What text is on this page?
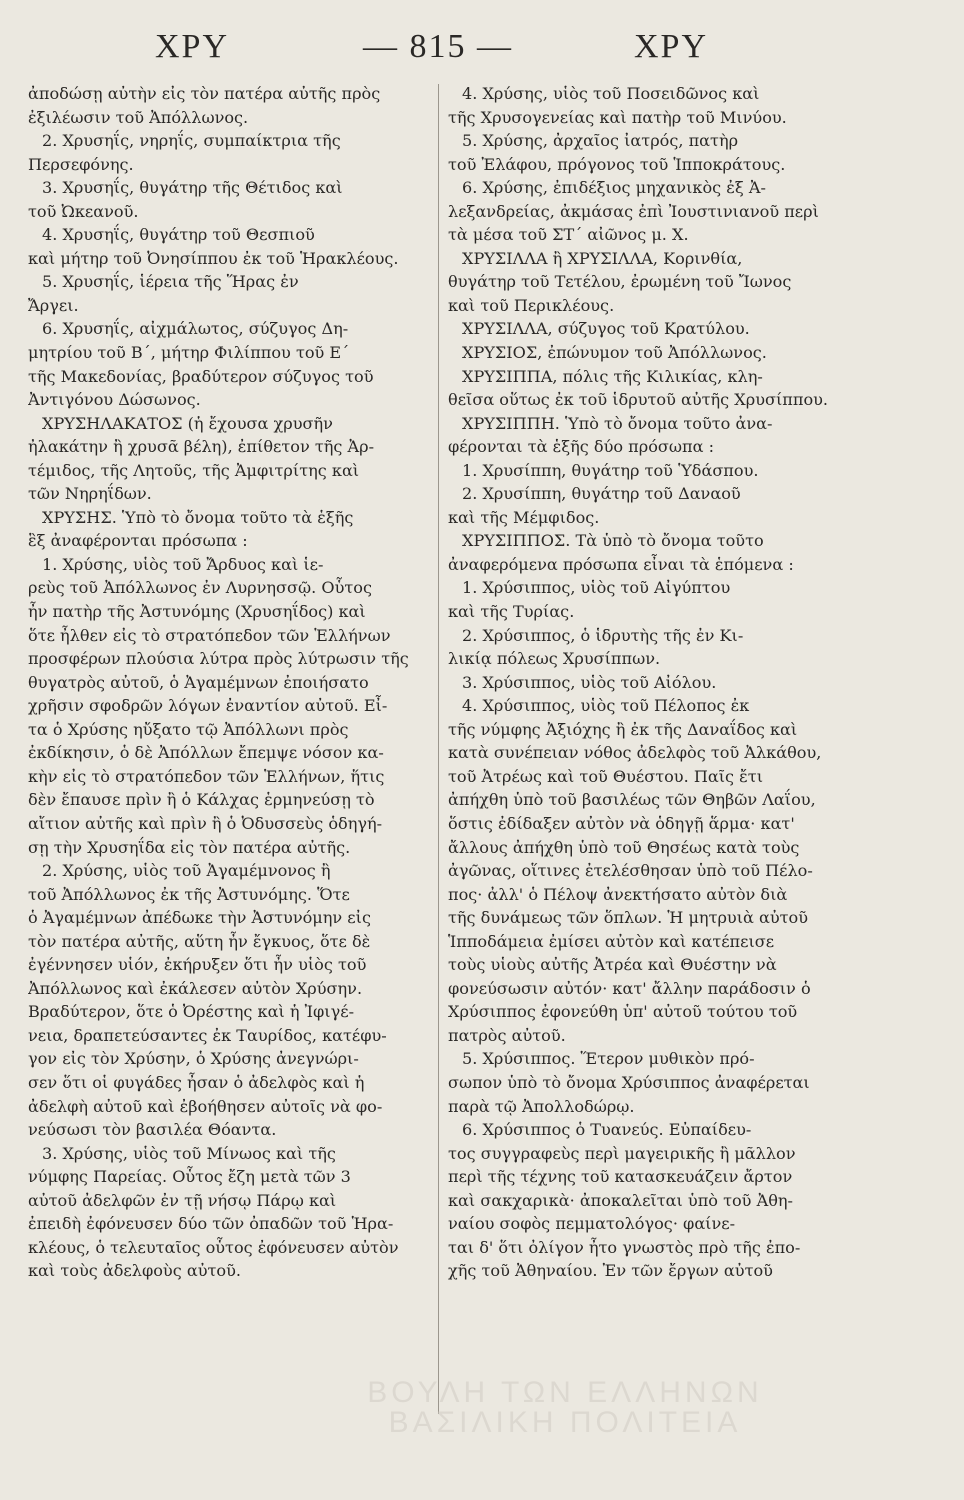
ΧΡΥ	— 815 —	ΧΡΥ
ἀποδώσῃ αὐτὴν εἰς τὸν πατέρα αὐτῆς πρὸς
ἐξιλέωσιν τοῦ Ἀπόλλωνος.
2. Χρυσηΐς, νηρηΐς, συμπαίκτρια τῆς
Περσεφόνης.
3. Χρυσηΐς, θυγάτηρ τῆς Θέτιδος καὶ
τοῦ Ὠκεανοῦ.
4. Χρυσηΐς, θυγάτηρ τοῦ Θεσπιοῦ
καὶ μήτηρ τοῦ Ὀνησίππου ἐκ τοῦ Ἡρακλέους.
5. Χρυσηΐς, ἱέρεια τῆς Ἥρας ἐν
Ἄργει.
6. Χρυσηΐς, αἰχμάλωτος, σύζυγος Δη-
μητρίου τοῦ Β΄, μήτηρ Φιλίππου τοῦ Ε΄
τῆς Μακεδονίας, βραδύτερον σύζυγος τοῦ
Ἀντιγόνου Δώσωνος.
ΧΡΥΣΗΛΑΚΑΤΟΣ (ἡ ἔχουσα χρυσῆν
ἠλακάτην ἢ χρυσᾶ βέλη), ἐπίθετον τῆς Ἀρ-
τέμιδος, τῆς Λητοῦς, τῆς Ἀμφιτρίτης καὶ
τῶν Νηρηΐδων.
ΧΡΥΣΗΣ. Ὑπὸ τὸ ὄνομα τοῦτο τὰ ἑξῆς
ἓξ ἀναφέρονται πρόσωπα :
1. Χρύσης, υἱὸς τοῦ Ἄρδυος καὶ ἱε-
ρεὺς τοῦ Ἀπόλλωνος ἐν Λυρνησσῷ. Οὗτος
ἦν πατὴρ τῆς Ἀστυνόμης (Χρυσηΐδος) καὶ
ὅτε ἦλθεν εἰς τὸ στρατόπεδον τῶν Ἑλλήνων
προσφέρων πλούσια λύτρα πρὸς λύτρωσιν τῆς
θυγατρὸς αὐτοῦ, ὁ Ἀγαμέμνων ἐποιήσατο
χρῆσιν σφοδρῶν λόγων ἐναντίον αὐτοῦ. Εἶ-
τα ὁ Χρύσης ηὔξατο τῷ Ἀπόλλωνι πρὸς
ἐκδίκησιν, ὁ δὲ Ἀπόλλων ἔπεμψε νόσον κα-
κὴν εἰς τὸ στρατόπεδον τῶν Ἑλλήνων, ἥτις
δὲν ἔπαυσε πρὶν ἢ ὁ Κάλχας ἑρμηνεύσῃ τὸ
αἴτιον αὐτῆς καὶ πρὶν ἢ ὁ Ὀδυσσεὺς ὁδηγή-
σῃ τὴν Χρυσηΐδα εἰς τὸν πατέρα αὐτῆς.
2. Χρύσης, υἱὸς τοῦ Ἀγαμέμνονος ἢ
τοῦ Ἀπόλλωνος ἐκ τῆς Ἀστυνόμης. Ὅτε
ὁ Ἀγαμέμνων ἀπέδωκε τὴν Ἀστυνόμην εἰς
τὸν πατέρα αὐτῆς, αὕτη ἦν ἔγκυος, ὅτε δὲ
ἐγέννησεν υἱόν, ἐκήρυξεν ὅτι ἦν υἱὸς τοῦ
Ἀπόλλωνος καὶ ἐκάλεσεν αὐτὸν Χρύσην.
Βραδύτερον, ὅτε ὁ Ὀρέστης καὶ ἡ Ἰφιγέ-
νεια, δραπετεύσαντες ἐκ Ταυρίδος, κατέφυ-
γον εἰς τὸν Χρύσην, ὁ Χρύσης ἀνεγνώρι-
σεν ὅτι οἱ φυγάδες ἦσαν ὁ ἀδελφὸς καὶ ἡ
ἀδελφὴ αὐτοῦ καὶ ἐβοήθησεν αὐτοῖς νὰ φο-
νεύσωσι τὸν βασιλέα Θόαντα.
3. Χρύσης, υἱὸς τοῦ Μίνωος καὶ τῆς
νύμφης Παρείας. Οὗτος ἔζη μετὰ τῶν 3
αὐτοῦ ἀδελφῶν ἐν τῇ νήσῳ Πάρῳ καὶ
ἐπειδὴ ἐφόνευσεν δύο τῶν ὀπαδῶν τοῦ Ἡρα-
κλέους, ὁ τελευταῖος οὗτος ἐφόνευσεν αὐτὸν
καὶ τοὺς ἀδελφοὺς αὐτοῦ.
4. Χρύσης, υἱὸς τοῦ Ποσειδῶνος καὶ
τῆς Χρυσογενείας καὶ πατὴρ τοῦ Μινύου.
5. Χρύσης, ἀρχαῖος ἰατρός, πατὴρ
τοῦ Ἐλάφου, πρόγονος τοῦ Ἱπποκράτους.
6. Χρύσης, ἐπιδέξιος μηχανικὸς ἐξ Ἀ-
λεξανδρείας, ἀκμάσας ἐπὶ Ἰουστινιανοῦ περὶ
τὰ μέσα τοῦ ΣΤ΄ αἰῶνος μ. Χ.
ΧΡΥΣΙΛΛΑ ἢ ΧΡΥΣΙΛΛΑ, Κορινθία,
θυγάτηρ τοῦ Τετέλου, ἐρωμένη τοῦ Ἴωνος
καὶ τοῦ Περικλέους.
ΧΡΥΣΙΛΛΑ, σύζυγος τοῦ Κρατύλου.
ΧΡΥΣΙΟΣ, ἐπώνυμον τοῦ Ἀπόλλωνος.
ΧΡΥΣΙΠΠΑ, πόλις τῆς Κιλικίας, κλη-
θεῖσα οὕτως ἐκ τοῦ ἱδρυτοῦ αὐτῆς Χρυσίππου.
ΧΡΥΣΙΠΠΗ. Ὑπὸ τὸ ὄνομα τοῦτο ἀνα-
φέρονται τὰ ἑξῆς δύο πρόσωπα :
1. Χρυσίππη, θυγάτηρ τοῦ Ὑδάσπου.
2. Χρυσίππη, θυγάτηρ τοῦ Δαναοῦ
καὶ τῆς Μέμφιδος.
ΧΡΥΣΙΠΠΟΣ. Τὰ ὑπὸ τὸ ὄνομα τοῦτο
ἀναφερόμενα πρόσωπα εἶναι τὰ ἑπόμενα :
1. Χρύσιππος, υἱὸς τοῦ Αἰγύπτου
καὶ τῆς Τυρίας.
2. Χρύσιππος, ὁ ἱδρυτὴς τῆς ἐν Κι-
λικίᾳ πόλεως Χρυσίππων.
3. Χρύσιππος, υἱὸς τοῦ Αἰόλου.
4. Χρύσιππος, υἱὸς τοῦ Πέλοπος ἐκ
τῆς νύμφης Ἀξιόχης ἢ ἐκ τῆς Δαναΐδος καὶ
κατὰ συνέπειαν νόθος ἀδελφὸς τοῦ Ἀλκάθου,
τοῦ Ἀτρέως καὶ τοῦ Θυέστου. Παῖς ἔτι
ἀπήχθη ὑπὸ τοῦ βασιλέως τῶν Θηβῶν Λαΐου,
ὅστις ἐδίδαξεν αὐτὸν νὰ ὁδηγῇ ἅρμα· κατ'
ἄλλους ἀπήχθη ὑπὸ τοῦ Θησέως κατὰ τοὺς
ἀγῶνας, οἵτινες ἐτελέσθησαν ὑπὸ τοῦ Πέλο-
πος· ἀλλ' ὁ Πέλοψ ἀνεκτήσατο αὐτὸν διὰ
τῆς δυνάμεως τῶν ὅπλων. Ἡ μητρυιὰ αὐτοῦ
Ἱπποδάμεια ἐμίσει αὐτὸν καὶ κατέπεισε
τοὺς υἱοὺς αὐτῆς Ἀτρέα καὶ Θυέστην νὰ
φονεύσωσιν αὐτόν· κατ' ἄλλην παράδοσιν ὁ
Χρύσιππος ἐφονεύθη ὑπ' αὐτοῦ τούτου τοῦ
πατρὸς αὐτοῦ.
5. Χρύσιππος. Ἕτερον μυθικὸν πρό-
σωπον ὑπὸ τὸ ὄνομα Χρύσιππος ἀναφέρεται
παρὰ τῷ Ἀπολλοδώρῳ.
6. Χρύσιππος ὁ Τυανεύς. Εὐπαίδευ-
τος συγγραφεὺς περὶ μαγειρικῆς ἢ μᾶλλον
περὶ τῆς τέχνης τοῦ κατασκευάζειν ἄρτον
καὶ σακχαρικὰ· ἀποκαλεῖται ὑπὸ τοῦ Ἀθη-
ναίου σοφὸς πεμματολόγος· φαίνε-
ται δ' ὅτι ὀλίγον ἦτο γνωστὸς πρὸ τῆς ἐπο-
χῆς τοῦ Ἀθηναίου. Ἐν τῶν ἔργων αὐτοῦ
ΒΟΥΛΗ ΤΩΝ ΕΛΛΗΝΩΝ
ΒΑΣΙΛΙΚΗ ΠΟΛΙΤΕΙΑ
